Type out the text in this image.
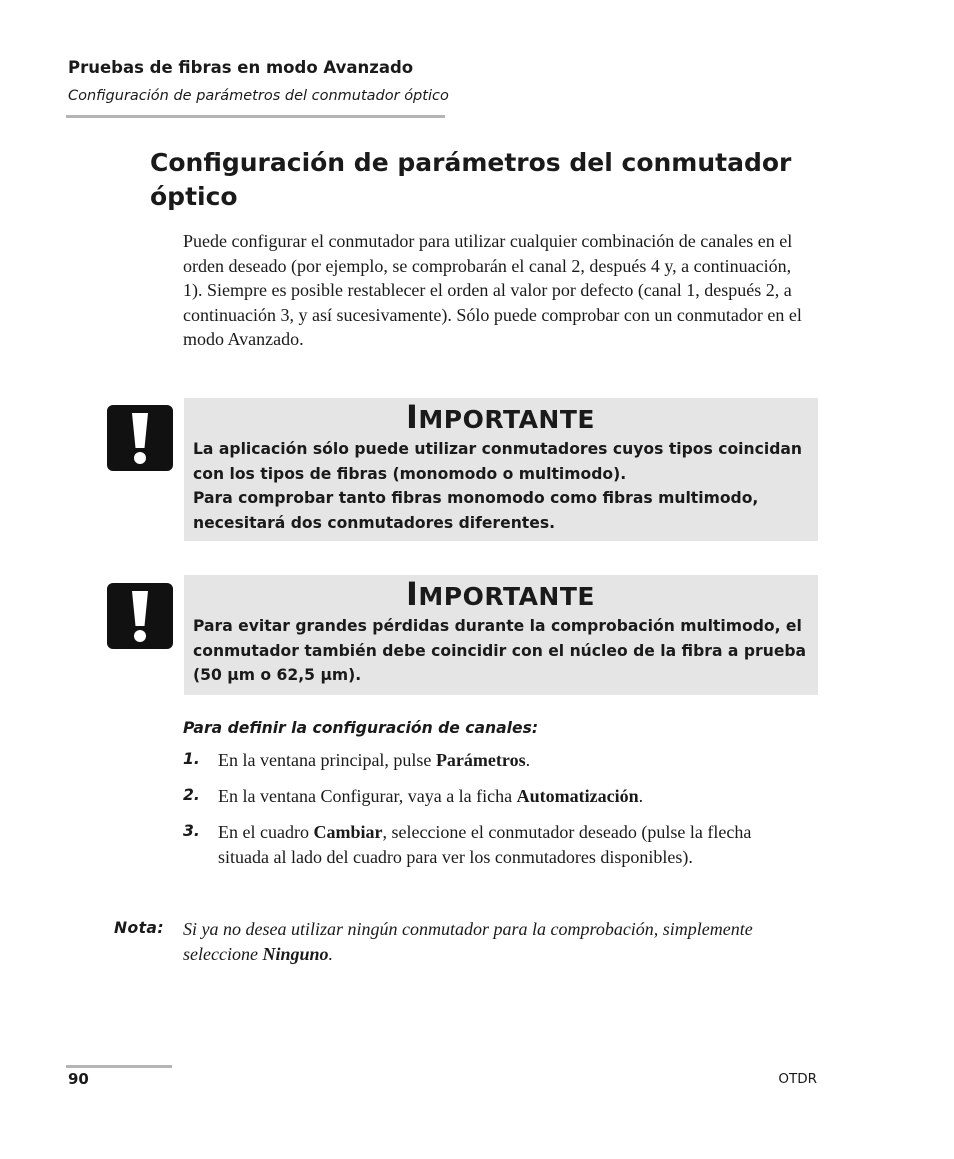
Pruebas de fibras en modo Avanzado
Configuración de parámetros del conmutador óptico
Configuración de parámetros del conmutador óptico

Puede configurar el conmutador para utilizar cualquier combinación de canales en el orden deseado (por ejemplo, se comprobarán el canal 2, después 4 y, a continuación, 1). Siempre es posible restablecer el orden al valor por defecto (canal 1, después 2, a continuación 3, y así sucesivamente). Sólo puede comprobar con un conmutador en el modo Avanzado.

IMPORTANTE

La aplicación sólo puede utilizar conmutadores cuyos tipos coincidan con los tipos de fibras (monomodo o multimodo).

Para comprobar tanto fibras monomodo como fibras multimodo, necesitará dos conmutadores diferentes.

IMPORTANTE

Para evitar grandes pérdidas durante la comprobación multimodo, el conmutador también debe coincidir con el núcleo de la fibra a prueba (50 µm o 62,5 µm).

Para definir la configuración de canales:
1. En la ventana principal, pulse Parámetros.
2. En la ventana Configurar, vaya a la ficha Automatización.
3. En el cuadro Cambiar, seleccione el conmutador deseado (pulse la flecha situada al lado del cuadro para ver los conmutadores disponibles).
Nota: Si ya no desea utilizar ningún conmutador para la comprobación, simplemente seleccione Ninguno.
90	OTDR
